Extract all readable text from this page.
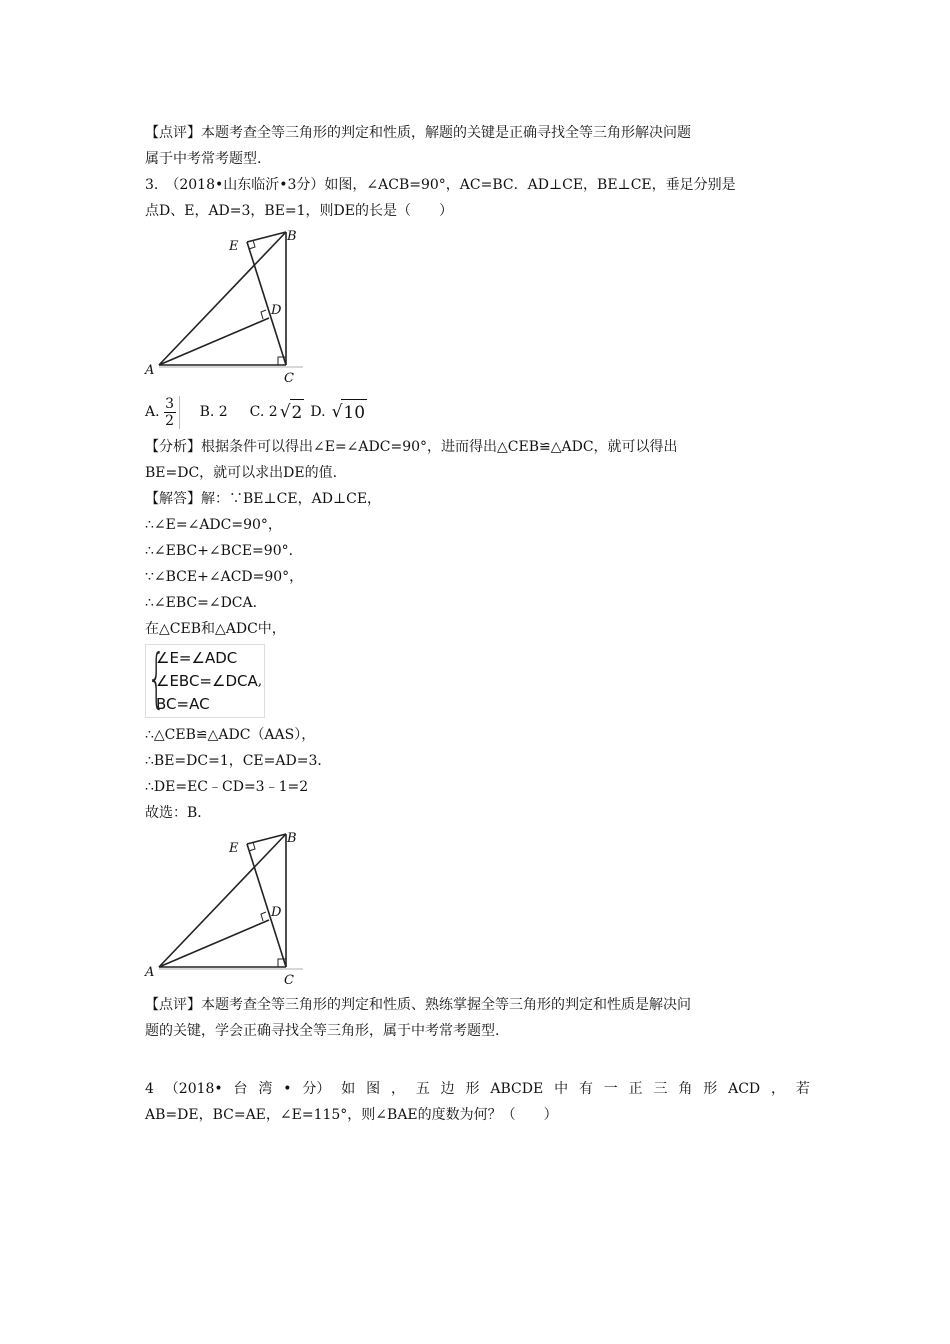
【点评】本题考查全等三角形的判定和性质，解题的关键是正确寻找全等三角形解决问题
属于中考常考题型.
3.　（2018•山东临沂•3分）如图，∠ACB=90°，AC=BC．AD⊥CE，BE⊥CE，垂足分别是
点D、E，AD=3，BE=1，则DE的长是（　　）
E
B
D
A
C
A. $\frac{3}{2} B$. 2 C. 2 √ 2 D. √ 10
【分析】根据条件可以得出∠E=∠ADC=90°，进而得出△CEB≌△ADC，就可以得出
BE=DC，就可以求出DE的值.
【解答】解：∵BE⊥CE，AD⊥CE，
∴∠E=∠ADC=90°，
∴∠EBC+∠BCE=90°．
∵∠BCE+∠ACD=90°，
∴∠EBC=∠DCA．
在△CEB和△ADC中，
{
∠E=∠ADC
∠EBC=∠DCA
BC=AC
,
∴△CEB≌△ADC（AAS），
∴BE=DC=1，CE=AD=3．
∴DE=EC﹣CD=3﹣1=2
故选：B．
E
B
D
A
C
【点评】本题考查全等三角形的判定和性质、熟练掌握全等三角形的判定和性质是解决问
题的关键，学会正确寻找全等三角形，属于中考常考题型.
4 （2018• 台 湾 • 分） 如 图 ， 五 边 形 ABCDE 中 有 一 正 三 角 形 ACD ， 若
AB=DE，BC=AE，∠E=115°，则∠BAE的度数为何？（　　）
